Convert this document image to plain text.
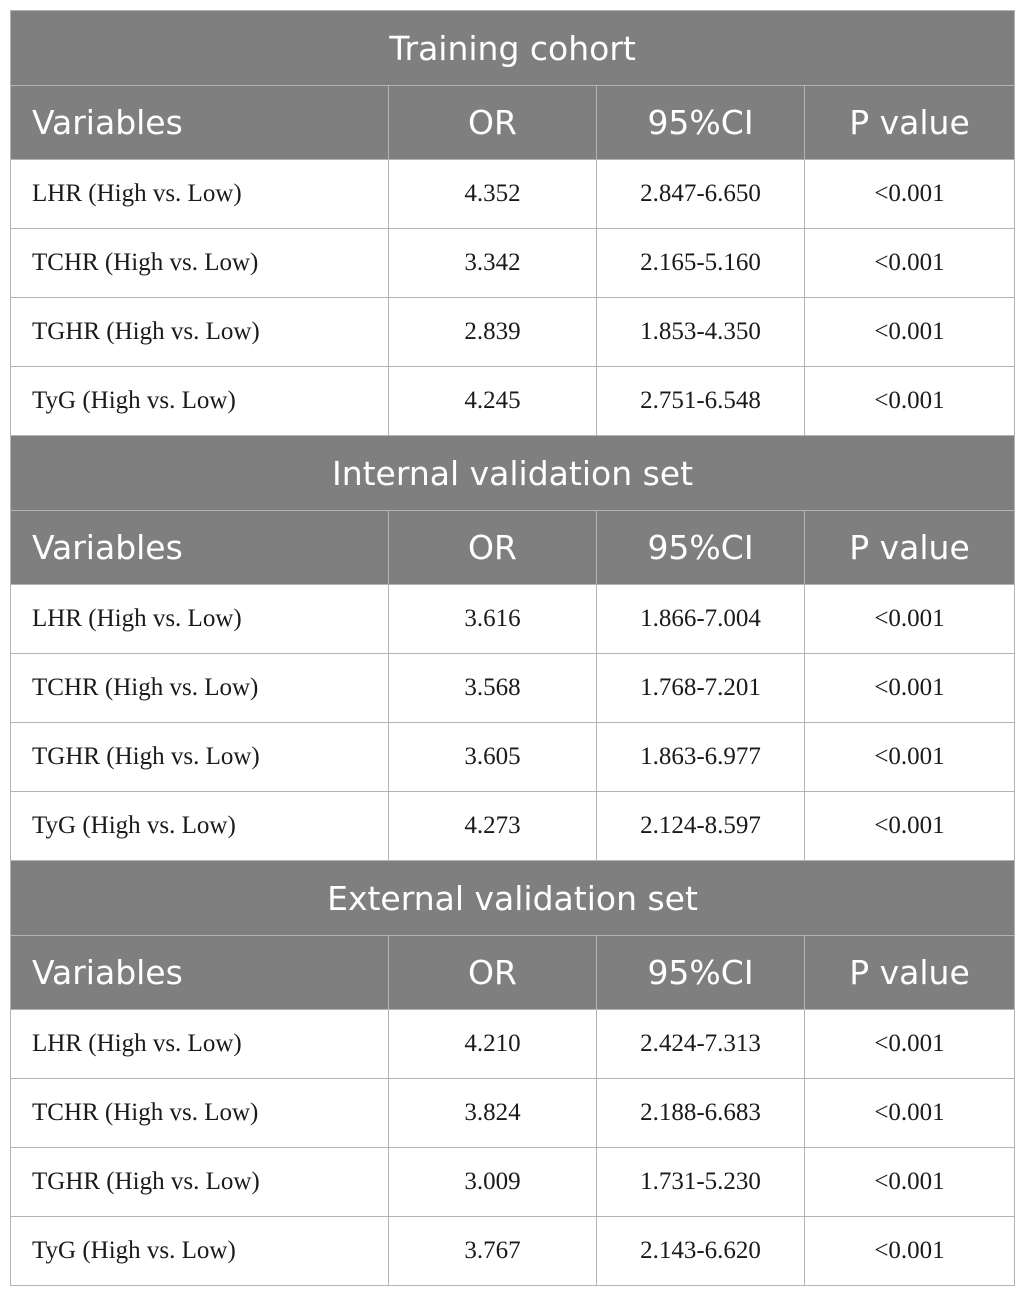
Training cohort			
Variables	OR	95%CI	P value
LHR (High vs. Low)	4.352	2.847-6.650	<0.001
TCHR (High vs. Low)	3.342	2.165-5.160	<0.001
TGHR (High vs. Low)	2.839	1.853-4.350	<0.001
TyG (High vs. Low)	4.245	2.751-6.548	<0.001
Internal validation set			
Variables	OR	95%CI	P value
LHR (High vs. Low)	3.616	1.866-7.004	<0.001
TCHR (High vs. Low)	3.568	1.768-7.201	<0.001
TGHR (High vs. Low)	3.605	1.863-6.977	<0.001
TyG (High vs. Low)	4.273	2.124-8.597	<0.001
External validation set			
Variables	OR	95%CI	P value
LHR (High vs. Low)	4.210	2.424-7.313	<0.001
TCHR (High vs. Low)	3.824	2.188-6.683	<0.001
TGHR (High vs. Low)	3.009	1.731-5.230	<0.001
TyG (High vs. Low)	3.767	2.143-6.620	<0.001
